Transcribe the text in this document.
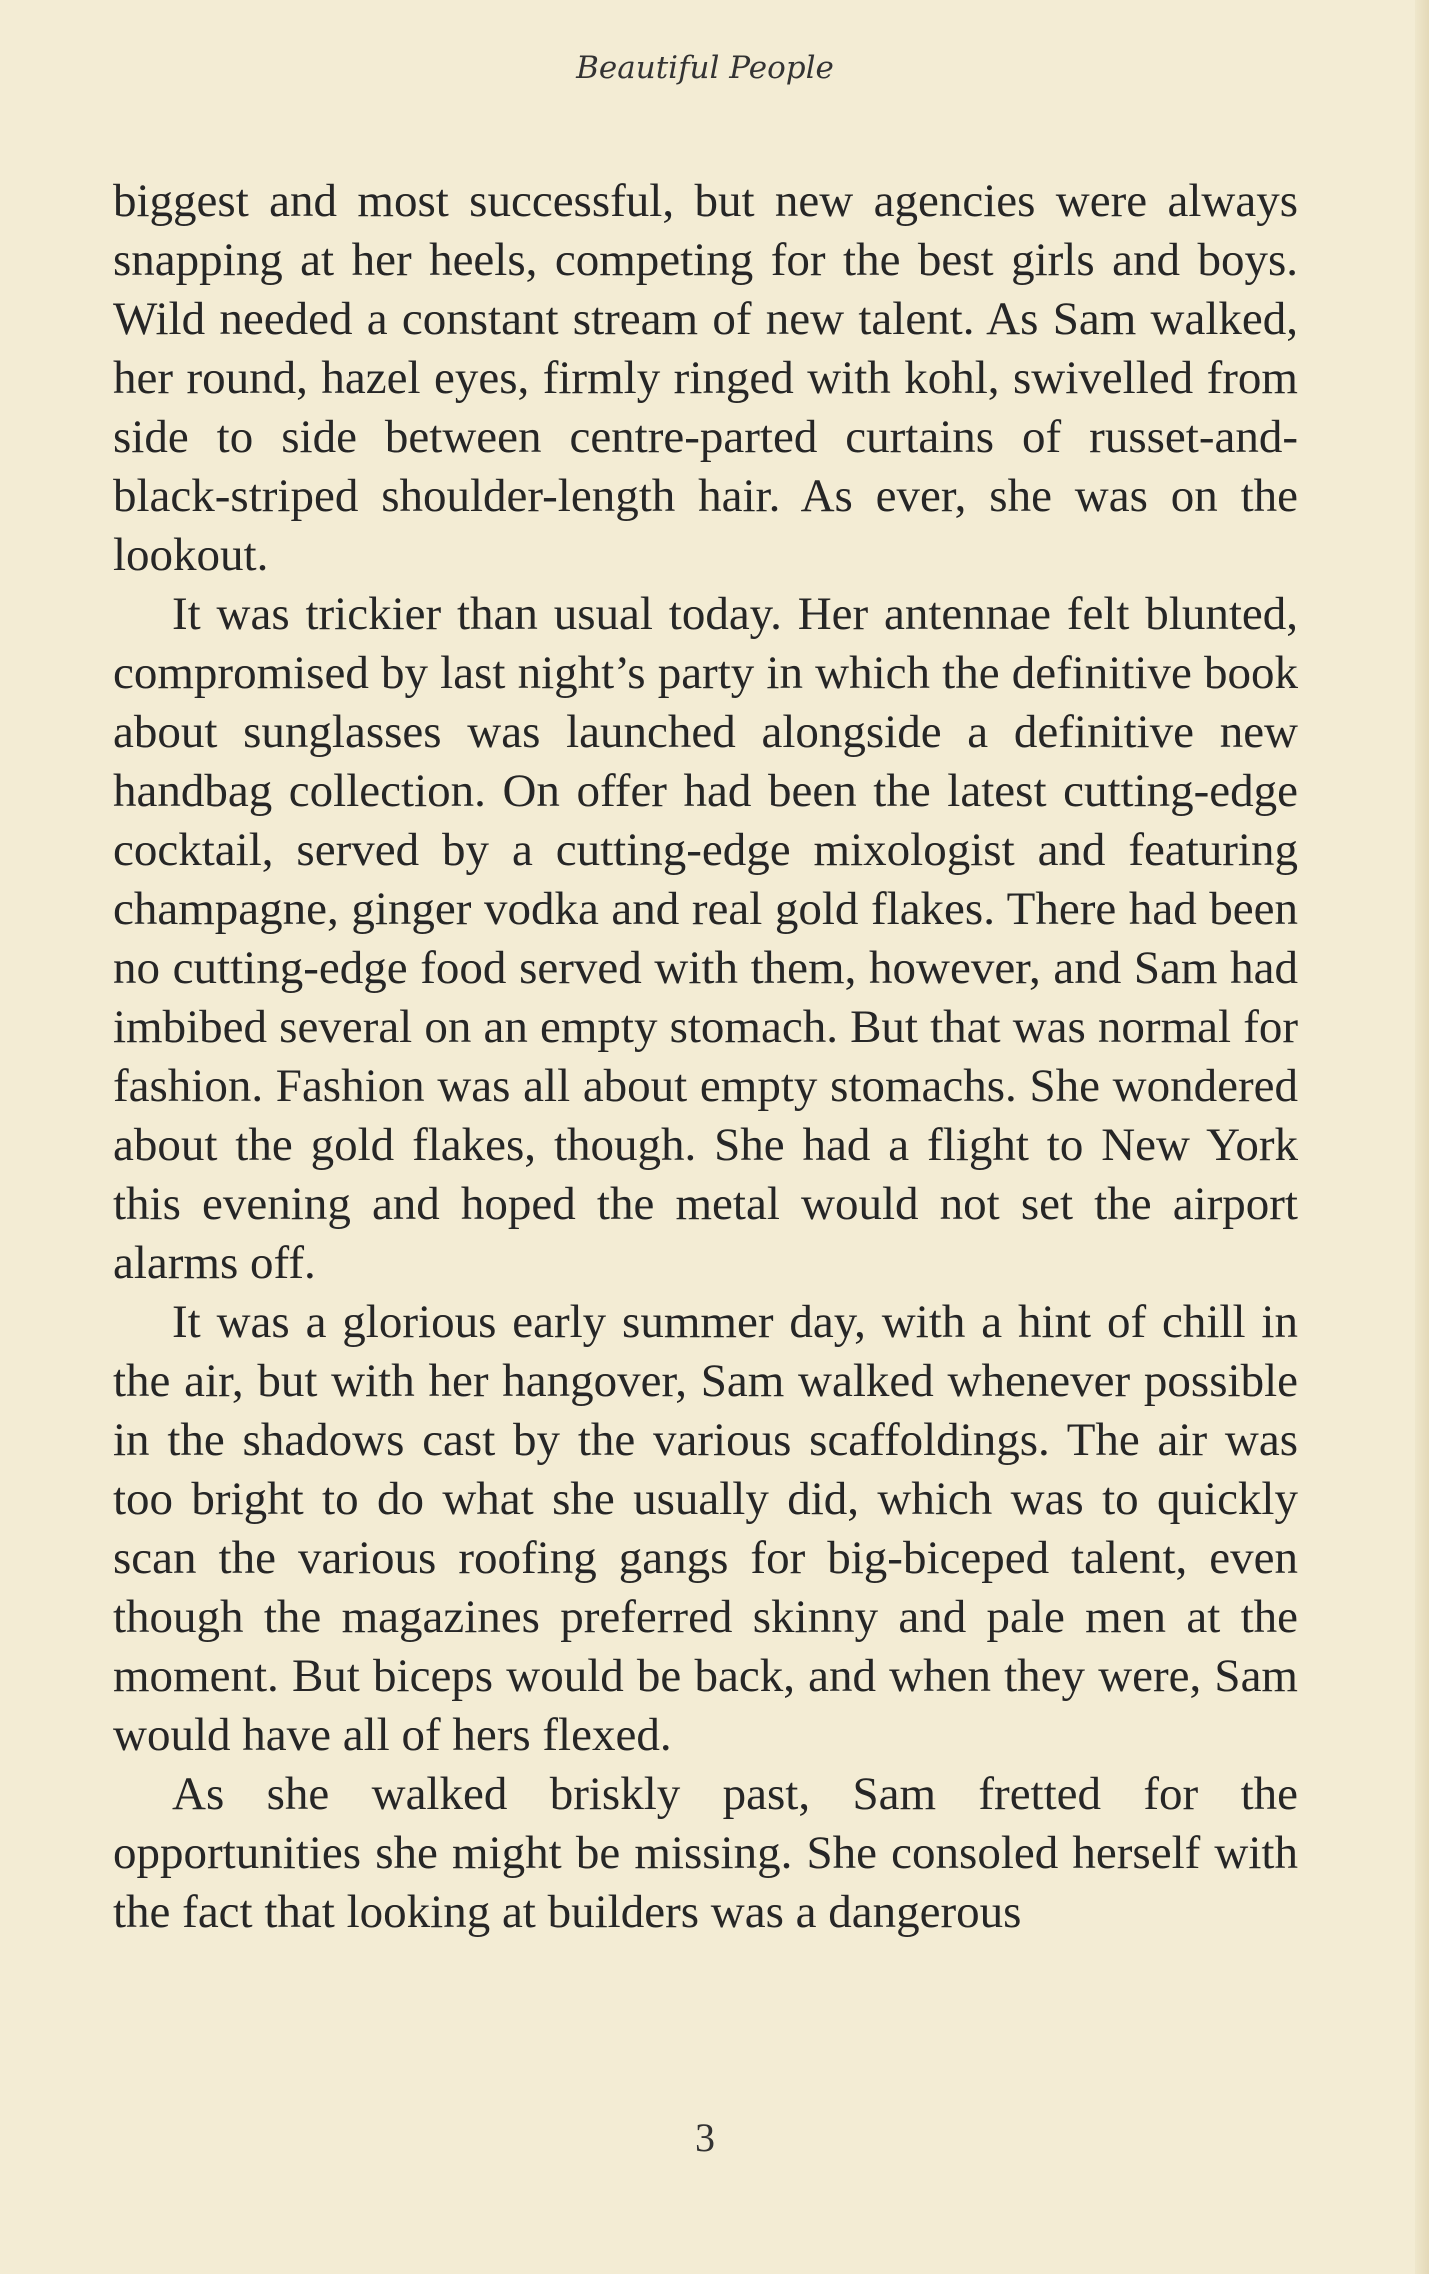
Beautiful People

biggest and most successful, but new agencies were always snapping at her heels, competing for the best girls and boys. Wild needed a constant stream of new talent. As Sam walked, her round, hazel eyes, firmly ringed with kohl, swivelled from side to side between centre-parted curtains of russet-and-black-striped shoulder-length hair. As ever, she was on the lookout.

It was trickier than usual today. Her antennae felt blunted, compromised by last night’s party in which the definitive book about sunglasses was launched alongside a definitive new handbag collection. On offer had been the latest cutting-edge cocktail, served by a cutting-edge mixologist and featuring champagne, ginger vodka and real gold flakes. There had been no cutting-edge food served with them, however, and Sam had imbibed several on an empty stomach. But that was normal for fashion. Fashion was all about empty stomachs. She wondered about the gold flakes, though. She had a flight to New York this evening and hoped the metal would not set the airport alarms off.

It was a glorious early summer day, with a hint of chill in the air, but with her hangover, Sam walked whenever possible in the shadows cast by the various scaffoldings. The air was too bright to do what she usually did, which was to quickly scan the various roofing gangs for big-biceped talent, even though the magazines preferred skinny and pale men at the moment. But biceps would be back, and when they were, Sam would have all of hers flexed.

As she walked briskly past, Sam fretted for the opportunities she might be missing. She consoled herself with the fact that looking at builders was a dangerous

3
